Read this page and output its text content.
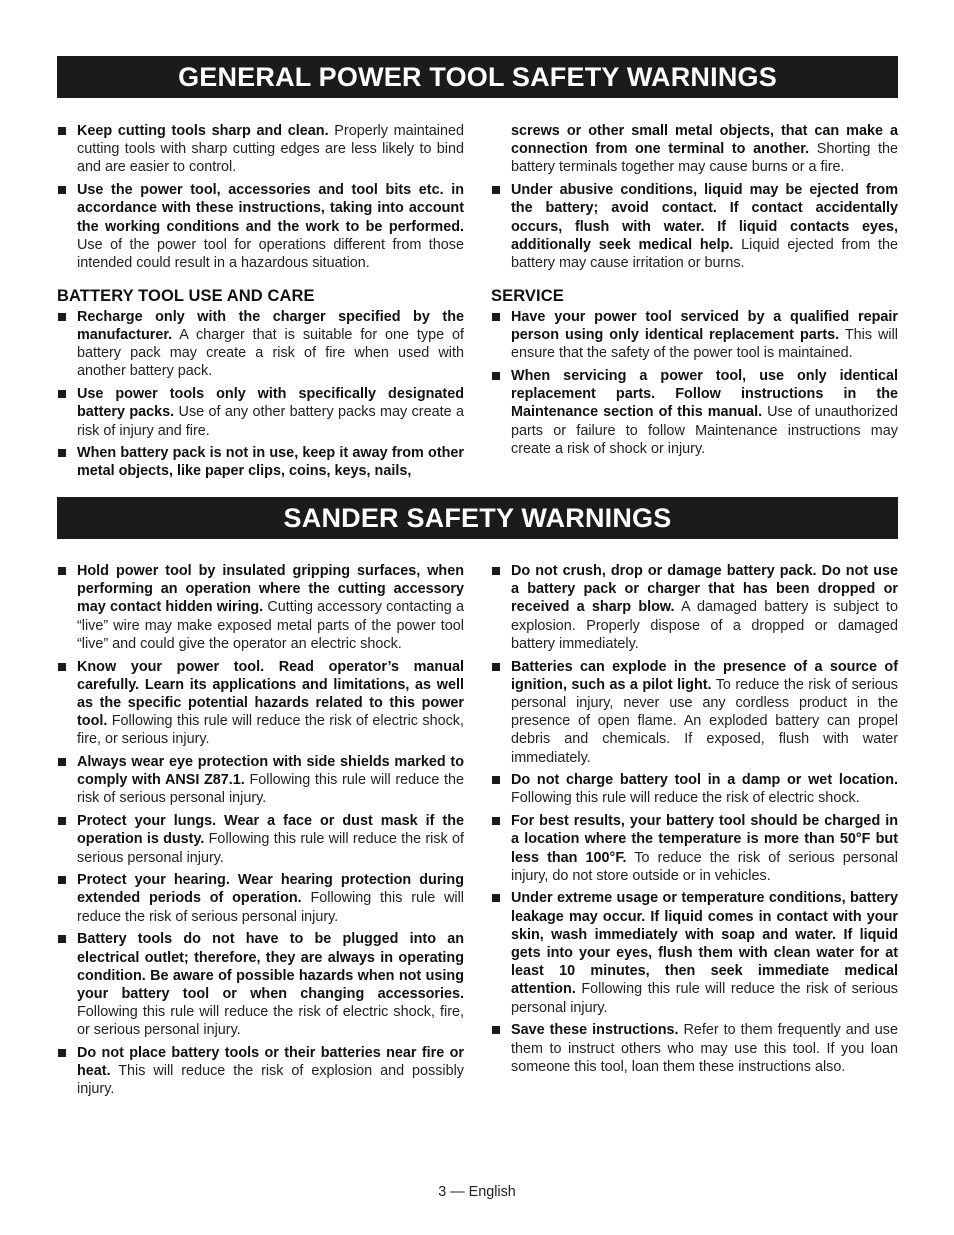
GENERAL POWER TOOL SAFETY WARNINGS
Keep cutting tools sharp and clean. Properly maintained cutting tools with sharp cutting edges are less likely to bind and are easier to control.
Use the power tool, accessories and tool bits etc. in accordance with these instructions, taking into account the working conditions and the work to be performed. Use of the power tool for operations different from those intended could result in a hazardous situation.
BATTERY TOOL USE AND CARE
Recharge only with the charger specified by the manufacturer. A charger that is suitable for one type of battery pack may create a risk of fire when used with another battery pack.
Use power tools only with specifically designated battery packs. Use of any other battery packs may create a risk of injury and fire.
When battery pack is not in use, keep it away from other metal objects, like paper clips, coins, keys, nails,
screws or other small metal objects, that can make a connection from one terminal to another. Shorting the battery terminals together may cause burns or a fire.
Under abusive conditions, liquid may be ejected from the battery; avoid contact. If contact accidentally occurs, flush with water. If liquid contacts eyes, additionally seek medical help. Liquid ejected from the battery may cause irritation or burns.
SERVICE
Have your power tool serviced by a qualified repair person using only identical replacement parts. This will ensure that the safety of the power tool is maintained.
When servicing a power tool, use only identical replacement parts. Follow instructions in the Maintenance section of this manual. Use of unauthorized parts or failure to follow Maintenance instructions may create a risk of shock or injury.
SANDER SAFETY WARNINGS
Hold power tool by insulated gripping surfaces, when performing an operation where the cutting accessory may contact hidden wiring. Cutting accessory contacting a “live” wire may make exposed metal parts of the power tool “live” and could give the operator an electric shock.
Know your power tool. Read operator’s manual carefully. Learn its applications and limitations, as well as the specific potential hazards related to this power tool. Following this rule will reduce the risk of electric shock, fire, or serious injury.
Always wear eye protection with side shields marked to comply with ANSI Z87.1. Following this rule will reduce the risk of serious personal injury.
Protect your lungs. Wear a face or dust mask if the operation is dusty. Following this rule will reduce the risk of serious personal injury.
Protect your hearing. Wear hearing protection during extended periods of operation. Following this rule will reduce the risk of serious personal injury.
Battery tools do not have to be plugged into an electrical outlet; therefore, they are always in operating condition. Be aware of possible hazards when not using your battery tool or when changing accessories. Following this rule will reduce the risk of electric shock, fire, or serious personal injury.
Do not place battery tools or their batteries near fire or heat. This will reduce the risk of explosion and possibly injury.
Do not crush, drop or damage battery pack. Do not use a battery pack or charger that has been dropped or received a sharp blow. A damaged battery is subject to explosion. Properly dispose of a dropped or damaged battery immediately.
Batteries can explode in the presence of a source of ignition, such as a pilot light. To reduce the risk of serious personal injury, never use any cordless product in the presence of open flame. An exploded battery can propel debris and chemicals. If exposed, flush with water immediately.
Do not charge battery tool in a damp or wet location. Following this rule will reduce the risk of electric shock.
For best results, your battery tool should be charged in a location where the temperature is more than 50°F but less than 100°F. To reduce the risk of serious personal injury, do not store outside or in vehicles.
Under extreme usage or temperature conditions, battery leakage may occur. If liquid comes in contact with your skin, wash immediately with soap and water. If liquid gets into your eyes, flush them with clean water for at least 10 minutes, then seek immediate medical attention. Following this rule will reduce the risk of serious personal injury.
Save these instructions. Refer to them frequently and use them to instruct others who may use this tool. If you loan someone this tool, loan them these instructions also.
3 — English
